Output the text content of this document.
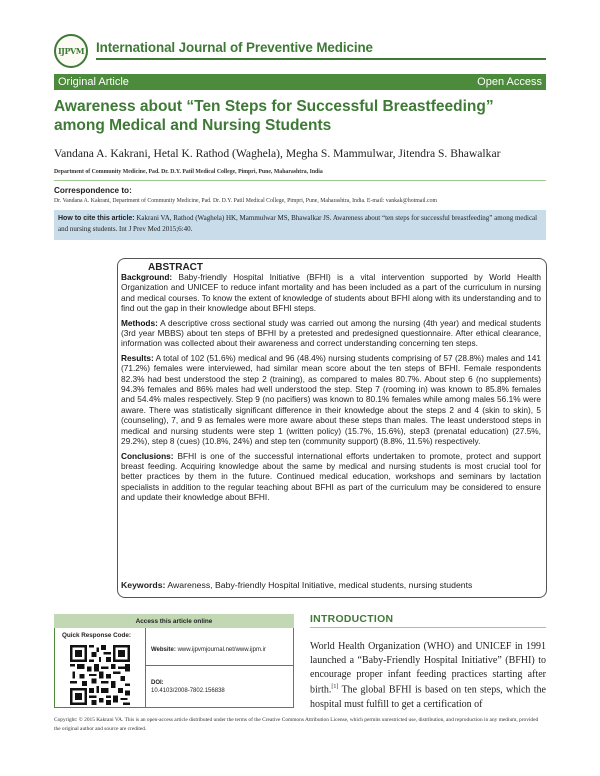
IJPVM International Journal of Preventive Medicine
Original Article	Open Access
Awareness about “Ten Steps for Successful Breastfeeding” among Medical and Nursing Students
Vandana A. Kakrani, Hetal K. Rathod (Waghela), Megha S. Mammulwar, Jitendra S. Bhawalkar
Department of Community Medicine, Pad. Dr. D.Y. Patil Medical College, Pimpri, Pune, Maharashtra, India
Correspondence to:
Dr. Vandana A. Kakrani, Department of Community Medicine, Pad. Dr. D.Y. Patil Medical College, Pimpri, Pune, Maharashtra, India. E-mail: vankak@hotmail.com
How to cite this article: Kakrani VA, Rathod (Waghela) HK, Mammulwar MS, Bhawalkar JS. Awareness about “ten steps for successful breastfeeding” among medical and nursing students. Int J Prev Med 2015;6:40.
ABSTRACT

Background: Baby-friendly Hospital Initiative (BFHI) is a vital intervention supported by World Health Organization and UNICEF to reduce infant mortality and has been included as a part of the curriculum in nursing and medical courses. To know the extent of knowledge of students about BFHI along with its understanding and to find out the gap in their knowledge about BFHI steps.

Methods: A descriptive cross sectional study was carried out among the nursing (4th year) and medical students (3rd year MBBS) about ten steps of BFHI by a pretested and predesigned questionnaire. After ethical clearance, information was collected about their awareness and correct understanding concerning ten steps.

Results: A total of 102 (51.6%) medical and 96 (48.4%) nursing students comprising of 57 (28.8%) males and 141 (71.2%) females were interviewed, had similar mean score about the ten steps of BFHI. Female respondents 82.3% had best understood the step 2 (training), as compared to males 80.7%. About step 6 (no supplements) 94.3% females and 86% males had well understood the step. Step 7 (rooming in) was known to 85.8% females and 54.4% males respectively. Step 9 (no pacifiers) was known to 80.1% females while among males 56.1% were aware. There was statistically significant difference in their knowledge about the steps 2 and 4 (skin to skin), 5 (counseling), 7, and 9 as females were more aware about these steps than males. The least understood steps in medical and nursing students were step 1 (written policy) (15.7%, 15.6%), step3 (prenatal education) (27.5%, 29.2%), step 8 (cues) (10.8%, 24%) and step ten (community support) (8.8%, 11.5%) respectively.

Conclusions: BFHI is one of the successful international efforts undertaken to promote, protect and support breast feeding. Acquiring knowledge about the same by medical and nursing students is most crucial tool for better practices by them in the future. Continued medical education, workshops and seminars by lactation specialists in addition to the regular teaching about BFHI as part of the curriculum may be considered to ensure and update their knowledge about BFHI.

Keywords: Awareness, Baby-friendly Hospital Initiative, medical students, nursing students
Access this article online
Quick Response Code:
Website: www.ijpvmjournal.net/www.ijpm.ir
DOI:
10.4103/2008-7802.156838
INTRODUCTION
World Health Organization (WHO) and UNICEF in 1991 launched a “Baby-Friendly Hospital Initiative” (BFHI) to encourage proper infant feeding practices starting after birth.[1] The global BFHI is based on ten steps, which the hospital must fulfill to get a certification of
Copyright: © 2015 Kakrani VA. This is an open-access article distributed under the terms of the Creative Commons Attribution License, which permits unrestricted use, distribution, and reproduction in any medium, provided the original author and source are credited.
